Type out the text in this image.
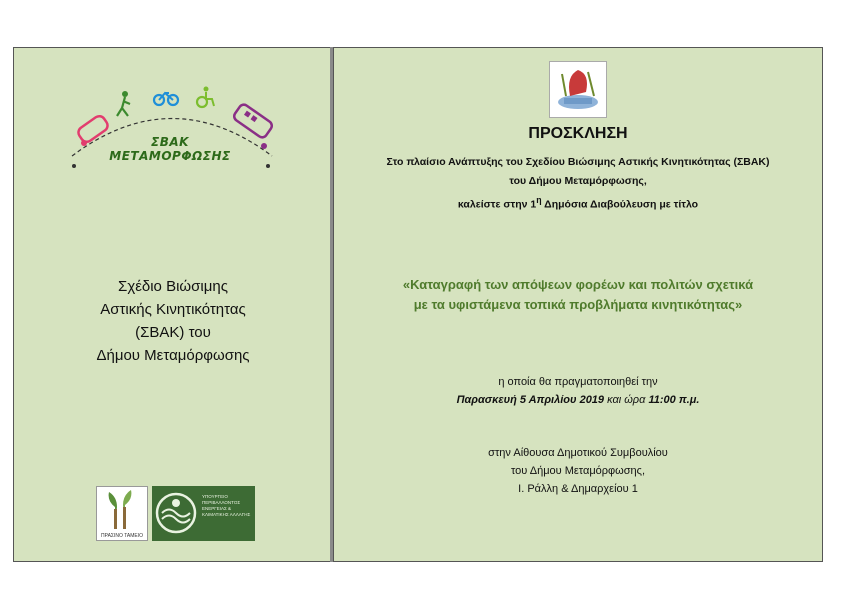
ΣΒΑΚ
ΜΕΤΑΜΟΡΦΩΣΗΣ
Σχέδιο Βιώσιμης
Αστικής Κινητικότητας
(ΣΒΑΚ) του
Δήμου Μεταμόρφωσης
ΠΡΑΣΙΝΟ ΤΑΜΕΙΟ
ΥΠΟΥΡΓΕΙΟ ΠΕΡΙΒΑΛΛΟΝΤΟΣ ΕΝΕΡΓΕΙΑΣ & ΚΛΙΜΑΤΙΚΗΣ ΑΛΛΑΓΗΣ
ΠΡΟΣΚΛΗΣΗ
Στο πλαίσιο Ανάπτυξης του Σχεδίου Βιώσιμης Αστικής Κινητικότητας (ΣΒΑΚ)
του Δήμου Μεταμόρφωσης,
καλείστε στην $1^\eta$ Δημόσια Διαβούλευση με τίτλο
«Καταγραφή των απόψεων φορέων και πολιτών σχετικά
με τα υφιστάμενα τοπικά προβλήματα κινητικότητας»
η οποία θα πραγματοποιηθεί την
Παρασκευή 5 Απριλίου 2019 και ώρα 11:00 π.μ.
στην Αίθουσα Δημοτικού Συμβουλίου
του Δήμου Μεταμόρφωσης,
Ι. Ράλλη & Δημαρχείου 1
